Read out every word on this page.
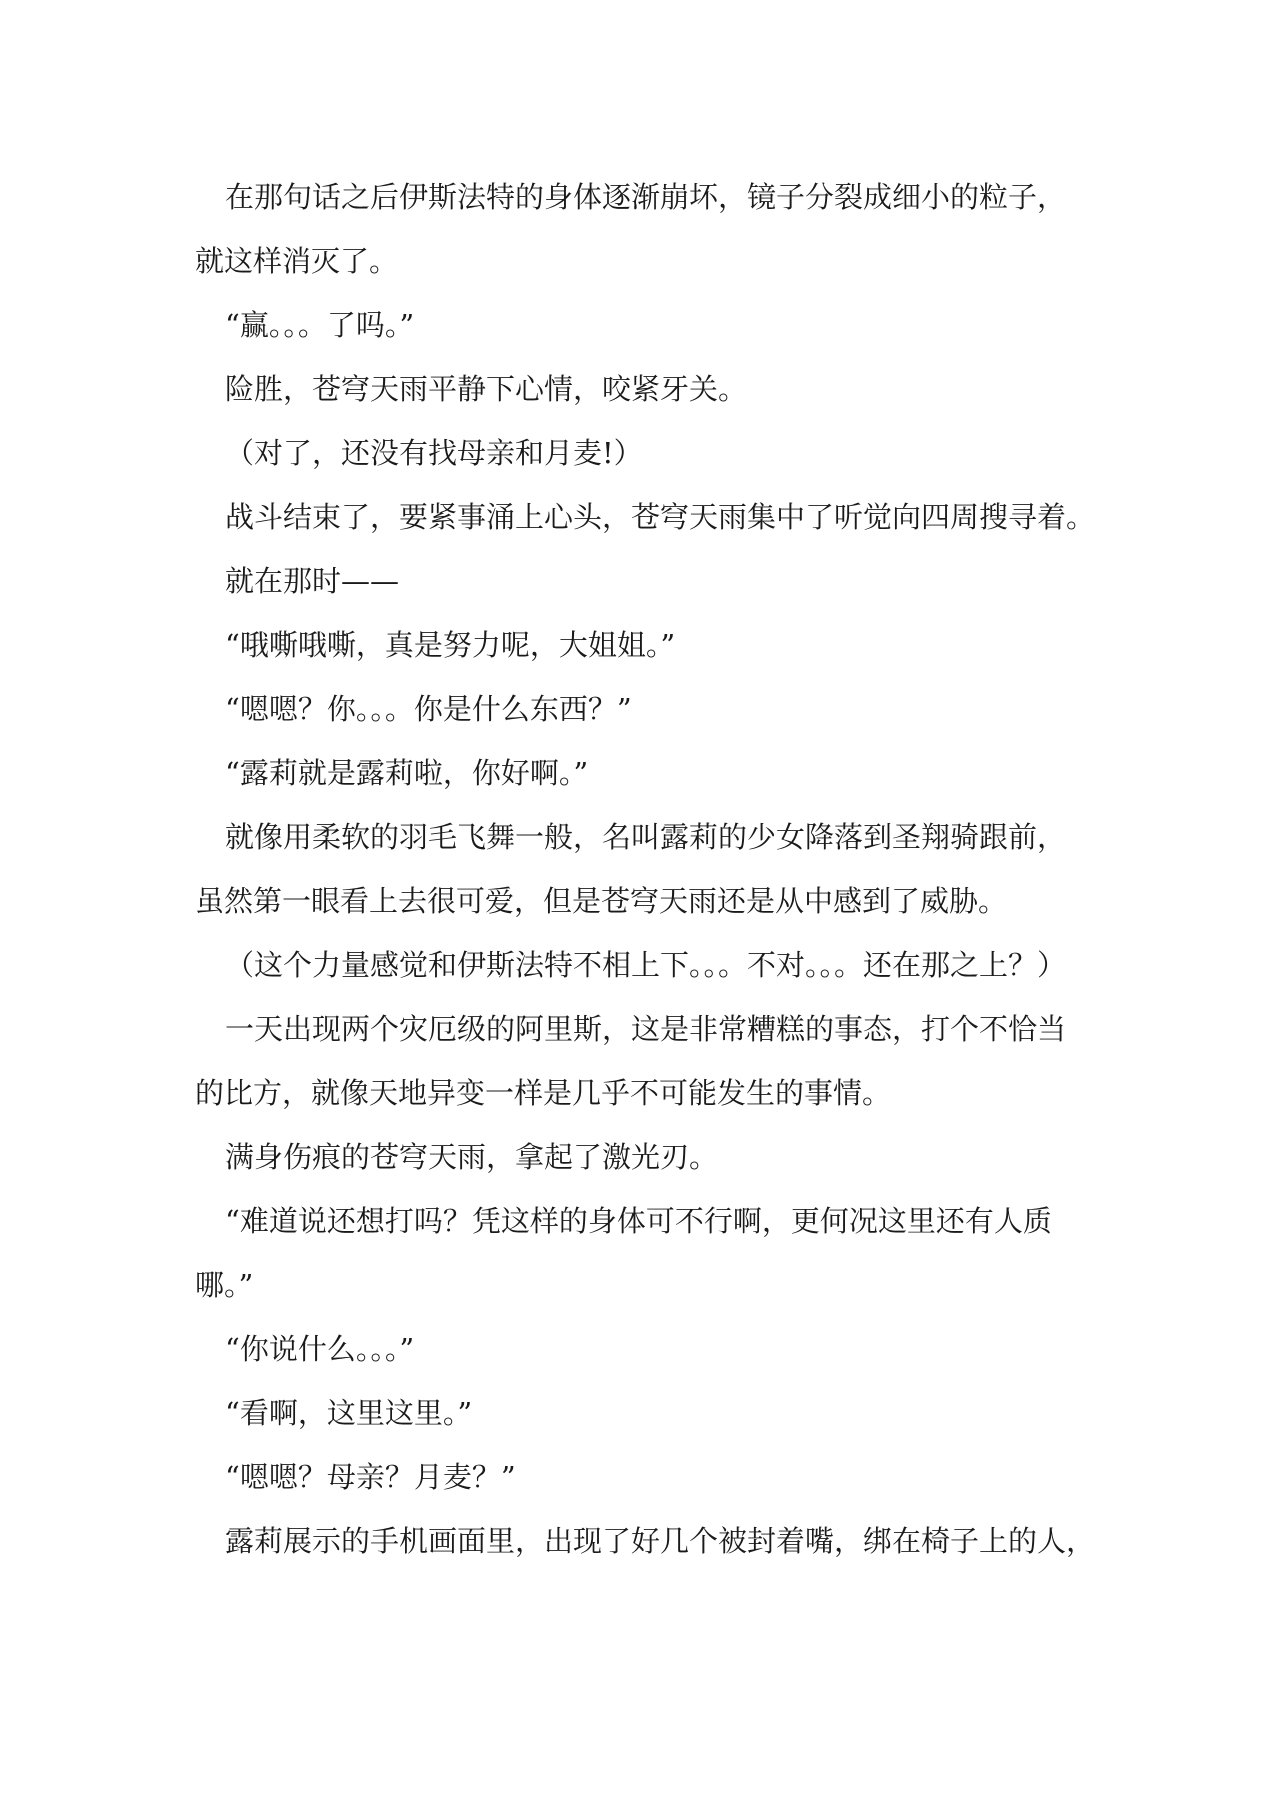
在那句话之后伊斯法特的身体逐渐崩坏，镜子分裂成细小的粒子，

就这样消灭了。

“赢。。。了吗。”

险胜，苍穹天雨平静下心情，咬紧牙关。

（对了，还没有找母亲和月麦!）

战斗结束了，要紧事涌上心头，苍穹天雨集中了听觉向四周搜寻着。

就在那时——

“哦嘶哦嘶，真是努力呢，大姐姐。”

“嗯嗯？你。。。你是什么东西？”

“露莉就是露莉啦，你好啊。”

就像用柔软的羽毛飞舞一般，名叫露莉的少女降落到圣翔骑跟前，

虽然第一眼看上去很可爱，但是苍穹天雨还是从中感到了威胁。

（这个力量感觉和伊斯法特不相上下。。。不对。。。还在那之上？）

一天出现两个灾厄级的阿里斯，这是非常糟糕的事态，打个不恰当

的比方，就像天地异变一样是几乎不可能发生的事情。

满身伤痕的苍穹天雨，拿起了激光刃。

“难道说还想打吗？凭这样的身体可不行啊，更何况这里还有人质

哪。”

“你说什么。。。”

“看啊，这里这里。”

“嗯嗯？母亲？月麦？”

露莉展示的手机画面里，出现了好几个被封着嘴，绑在椅子上的人，
